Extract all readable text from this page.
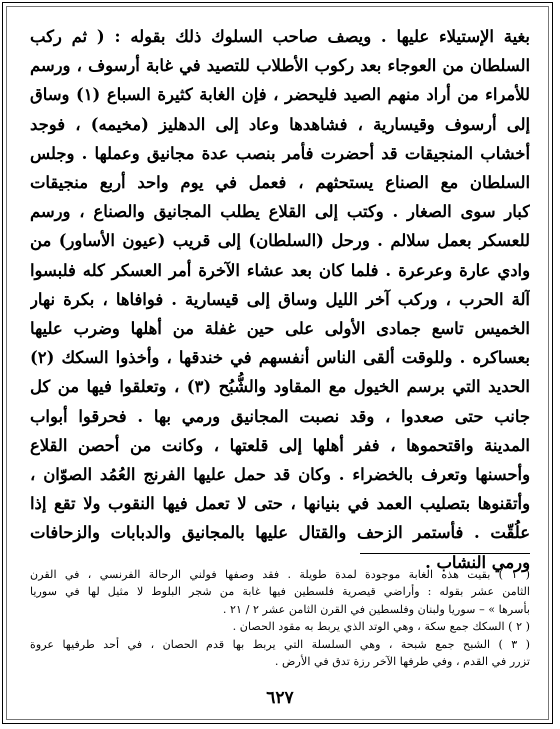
بغية الإستيلاء عليها . ويصف صاحب السلوك ذلك بقوله : ( ثم ركب
السلطان من العوجاء بعد ركوب الأطلاب للتصيد في غابة أرسوف ، ورسم
للأمراء من أراد منهم الصيد فليحضر ، فإن الغابة كثيرة السباع (١) وساق
إلى أرسوف وقيسارية ، فشاهدها وعاد إلى الدهليز (مخيمه) ، فوجد
أخشاب المنجيقات قد أحضرت فأمر بنصب عدة مجانيق وعملها . وجلس
السلطان مع الصناع يستحثهم ، فعمل في يوم واحد أربع منجيقات
كبار سوى الصغار . وكتب إلى القلاع يطلب المجانيق والصناع ، ورسم
للعسكر بعمل سلالم . ورحل (السلطان) إلى قريب (عيون الأساور) من
وادي عارة وعرعرة . فلما كان بعد عشاء الآخرة أمر العسكر كله فلبسوا
آلة الحرب ، وركب آخر الليل وساق إلى قيسارية . فوافاها ، بكرة نهار
الخميس تاسع جمادى الأولى على حين غفلة من أهلها وضرب عليها
بعساكره . وللوقت ألقى الناس أنفسهم في خندقها ، وأخذوا السكك (٢)
الحديد التي برسم الخيول مع المقاود والشُّبُح (٣) ، وتعلقوا فيها من كل
جانب حتى صعدوا ، وقد نصبت المجانيق ورمي بها . فحرقوا أبواب
المدينة واقتحموها ، ففر أهلها إلى قلعتها ، وكانت من أحصن القلاع
وأحسنها وتعرف بالخضراء . وكان قد حمل عليها الفرنج العُمُد الصوّان ،
وأتقنوها بتصليب العمد في بنيانها ، حتى لا تعمل فيها النقوب ولا تقع إذا
علُقّت . فأستمر الزحف والقتال عليها بالمجانيق والدبابات والزحافات
ورمي النشاب .

( ١ ) بقيت هذه الغابة موجودة لمدة طويلة . فقد وصفها فولني الرحالة الفرنسي ، في القرن
الثامن عشر بقوله : وأراضي قيصرية فلسطين فيها غابة من شجر البلوط لا مثيل لها في سوريا
بأسرها » – سوريا ولبنان وفلسطين في القرن الثامن عشر ٢ / ٢١ .
( ٢ ) السكك جمع سكة ، وهي الوتد الذي يربط به مقود الحصان .
( ٣ ) الشبح جمع شبحة ، وهي السلسلة التي يربط بها قدم الحصان ، في أحد طرفيها عروة
تزرر في القدم ، وفي طرفها الآخر رزة تدق في الأرض .
٦٢٧
